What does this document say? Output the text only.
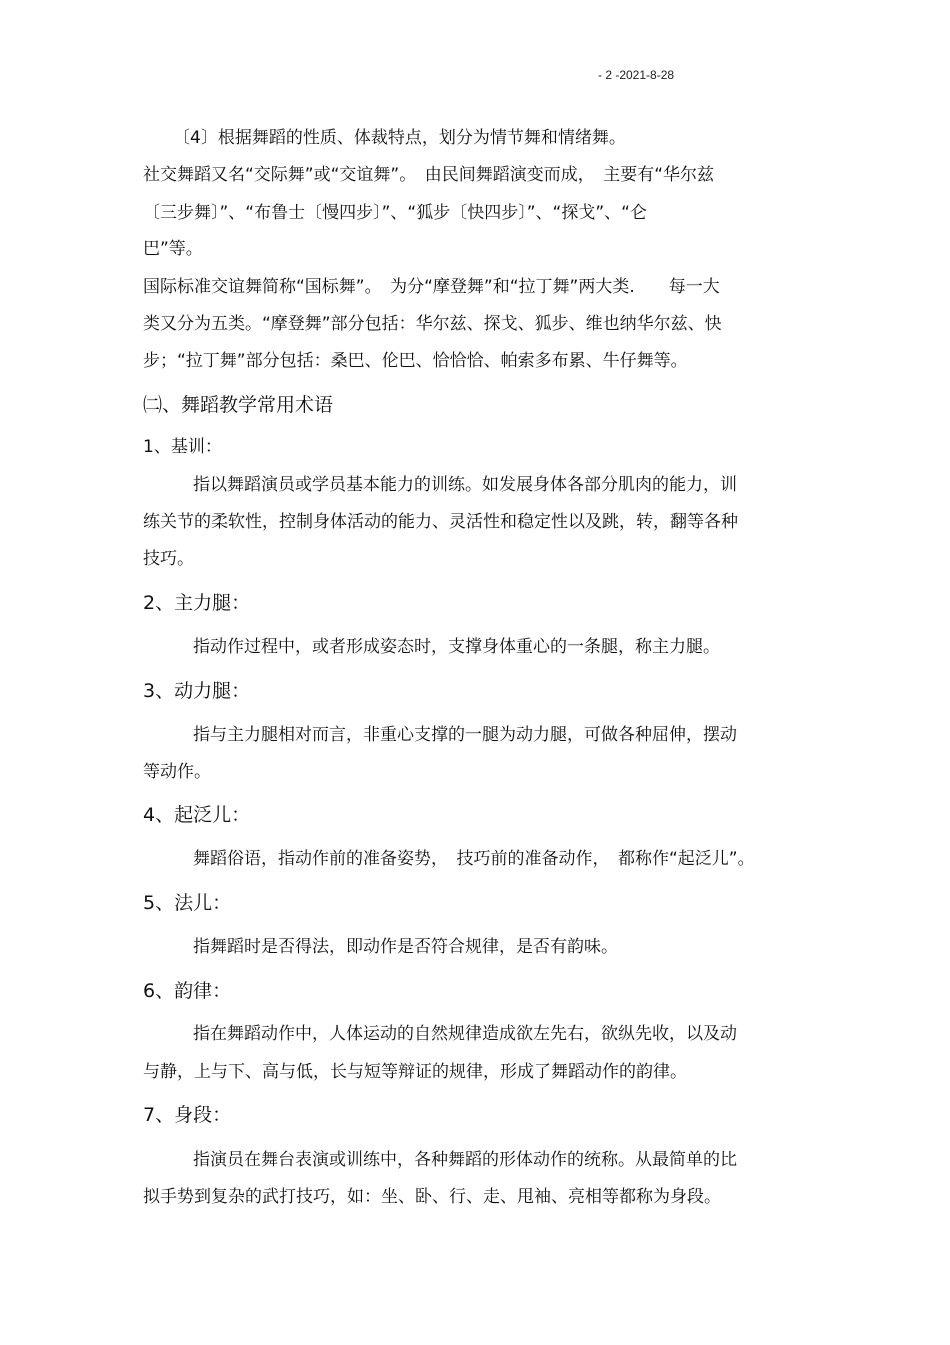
- 2 -2021-8-28
〔4〕根据舞蹈的性质、体裁特点，划分为情节舞和情绪舞。
社交舞蹈又名“交际舞”或“交谊舞”。　由民间舞蹈演变而成，　主要有“华尔兹
〔三步舞〕”、“布鲁士〔慢四步〕”、“狐步〔快四步〕”、“探戈”、“仑
巴”等。
国际标准交谊舞简称“国标舞”。　为分“摩登舞”和“拉丁舞”两大类.　　每一大
类又分为五类。“摩登舞”部分包括：华尔兹、探戈、狐步、维也纳华尔兹、快
步；“拉丁舞”部分包括：桑巴、伦巴、恰恰恰、帕索多布累、牛仔舞等。
㈡、舞蹈教学常用术语
1、基训：
指以舞蹈演员或学员基本能力的训练。如发展身体各部分肌肉的能力，训
练关节的柔软性，控制身体活动的能力、灵活性和稳定性以及跳，转，翻等各种
技巧。
2、主力腿：
指动作过程中，或者形成姿态时，支撑身体重心的一条腿，称主力腿。
3、动力腿：
指与主力腿相对而言，非重心支撑的一腿为动力腿，可做各种屈伸，摆动
等动作。
4、起泛儿：
舞蹈俗语，指动作前的准备姿势，　技巧前的准备动作，　都称作“起泛儿”。
5、法儿：
指舞蹈时是否得法，即动作是否符合规律，是否有韵味。
6、韵律：
指在舞蹈动作中，人体运动的自然规律造成欲左先右，欲纵先收，以及动
与静，上与下、高与低，长与短等辩证的规律，形成了舞蹈动作的韵律。
7、身段：
指演员在舞台表演或训练中，各种舞蹈的形体动作的统称。从最简单的比
拟手势到复杂的武打技巧，如：坐、卧、行、走、甩袖、亮相等都称为身段。
